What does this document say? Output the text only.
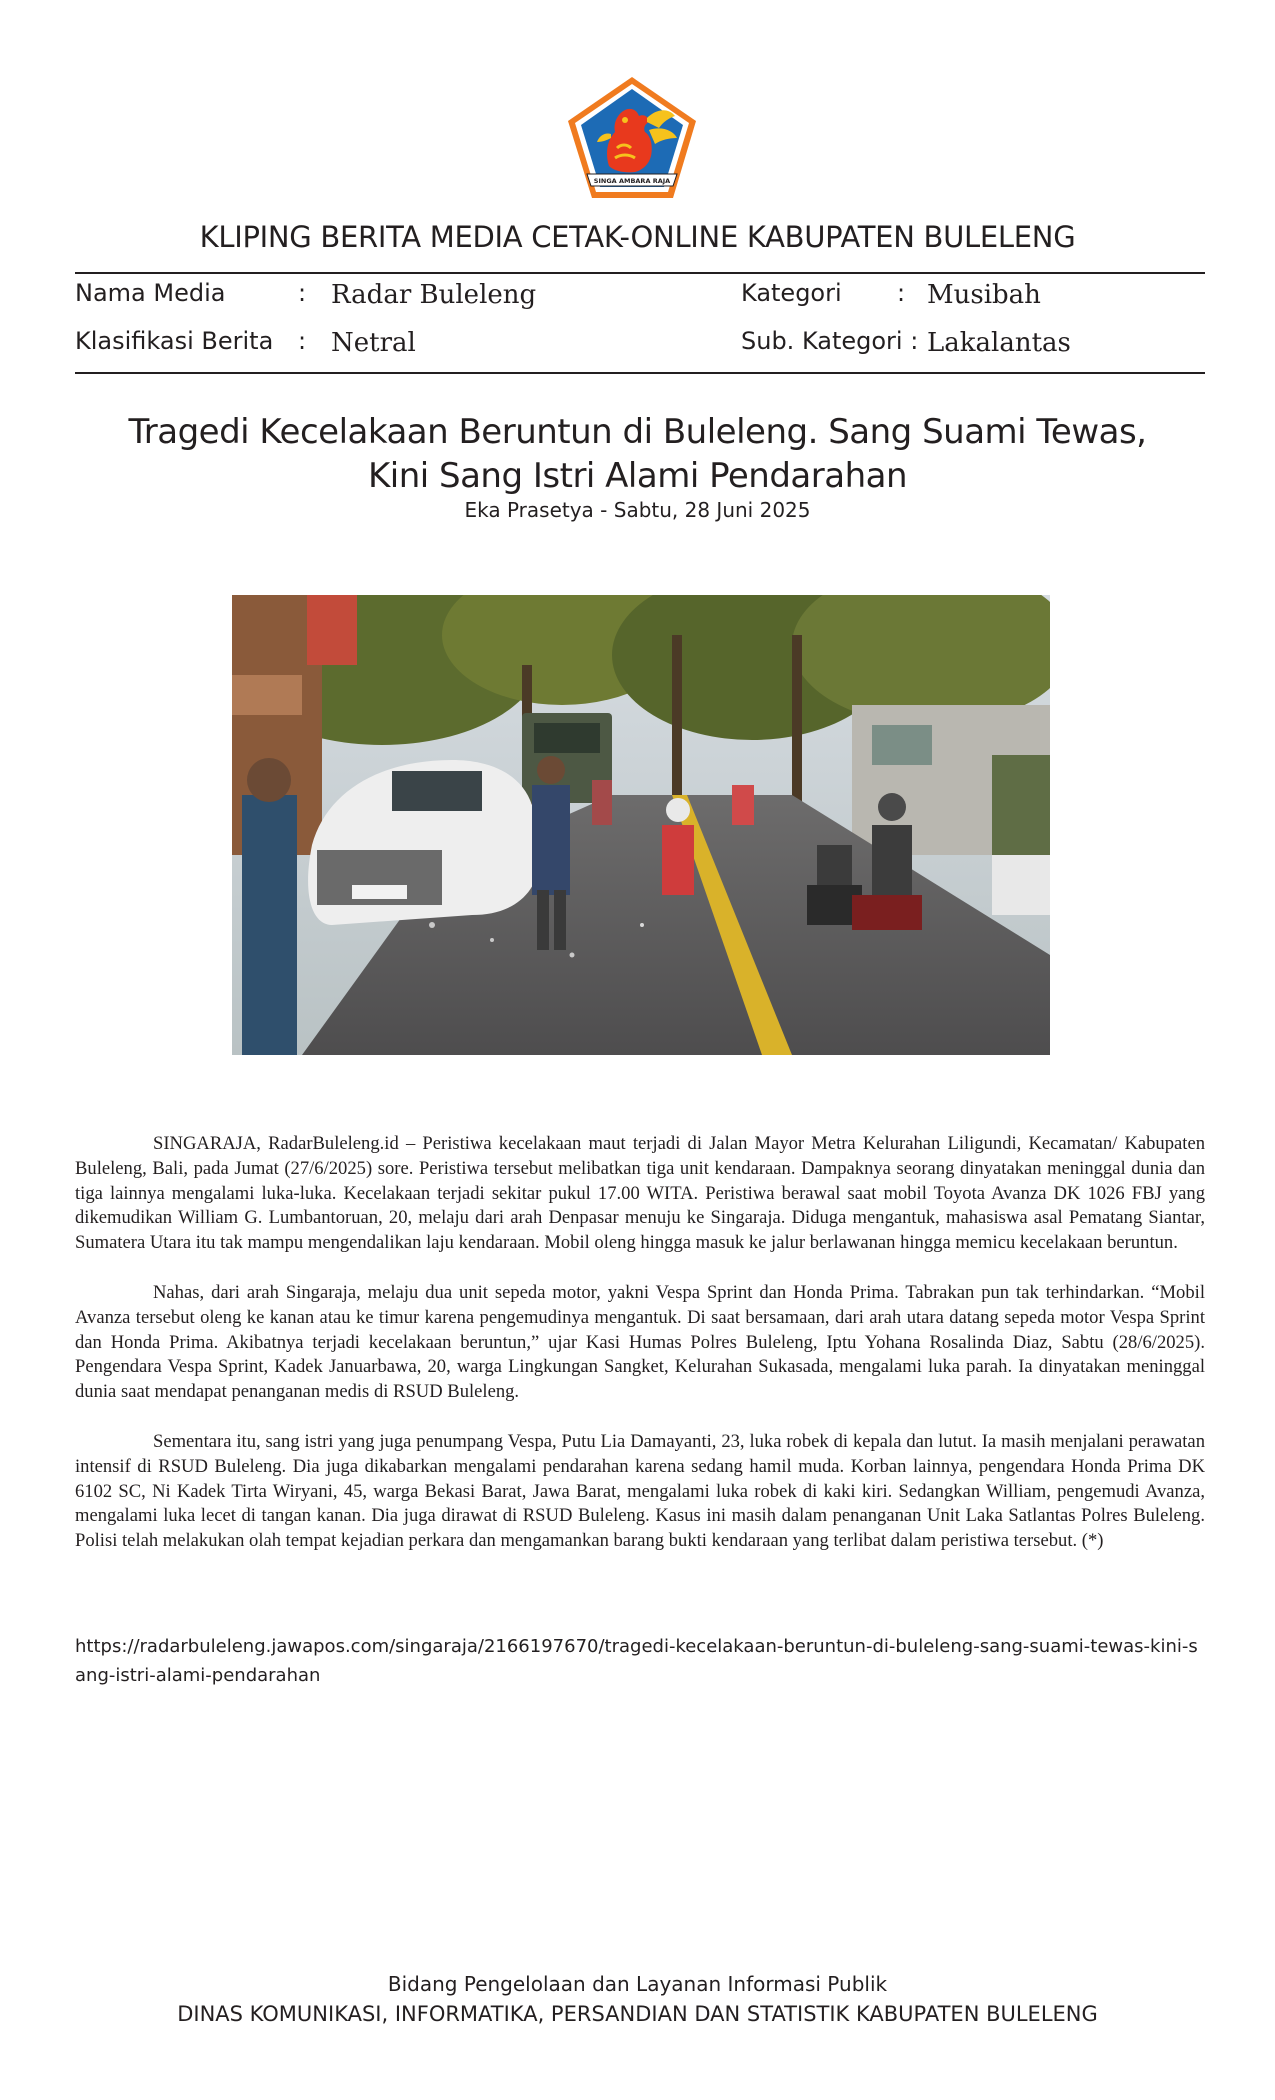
SINGA AMBARA RAJA
KLIPING BERITA MEDIA CETAK-ONLINE KABUPATEN BULELENG
Nama Media	: Radar Buleleng	Kategori : Musibah
Klasifikasi Berita : Netral	Sub. Kategori : Lakalantas
Tragedi Kecelakaan Beruntun di Buleleng. Sang Suami Tewas,
Kini Sang Istri Alami Pendarahan
Eka Prasetya - Sabtu, 28 Juni 2025

SINGARAJA, RadarBuleleng.id – Peristiwa kecelakaan maut terjadi di Jalan Mayor Metra Kelurahan Liligundi, Kecamatan/ Kabupaten Buleleng, Bali, pada Jumat (27/6/2025) sore. Peristiwa tersebut melibatkan tiga unit kendaraan. Dampaknya seorang dinyatakan meninggal dunia dan tiga lainnya mengalami luka-luka. Kecelakaan terjadi sekitar pukul 17.00 WITA. Peristiwa berawal saat mobil Toyota Avanza DK 1026 FBJ yang dikemudikan William G. Lumbantoruan, 20, melaju dari arah Denpasar menuju ke Singaraja. Diduga mengantuk, mahasiswa asal Pematang Siantar, Sumatera Utara itu tak mampu mengendalikan laju kendaraan. Mobil oleng hingga masuk ke jalur berlawanan hingga memicu kecelakaan beruntun.

Nahas, dari arah Singaraja, melaju dua unit sepeda motor, yakni Vespa Sprint dan Honda Prima. Tabrakan pun tak terhindarkan. “Mobil Avanza tersebut oleng ke kanan atau ke timur karena pengemudinya mengantuk. Di saat bersamaan, dari arah utara datang sepeda motor Vespa Sprint dan Honda Prima. Akibatnya terjadi kecelakaan beruntun,” ujar Kasi Humas Polres Buleleng, Iptu Yohana Rosalinda Diaz, Sabtu (28/6/2025). Pengendara Vespa Sprint, Kadek Januarbawa, 20, warga Lingkungan Sangket, Kelurahan Sukasada, mengalami luka parah. Ia dinyatakan meninggal dunia saat mendapat penanganan medis di RSUD Buleleng.

Sementara itu, sang istri yang juga penumpang Vespa, Putu Lia Damayanti, 23, luka robek di kepala dan lutut. Ia masih menjalani perawatan intensif di RSUD Buleleng. Dia juga dikabarkan mengalami pendarahan karena sedang hamil muda. Korban lainnya, pengendara Honda Prima DK 6102 SC, Ni Kadek Tirta Wiryani, 45, warga Bekasi Barat, Jawa Barat, mengalami luka robek di kaki kiri. Sedangkan William, pengemudi Avanza, mengalami luka lecet di tangan kanan. Dia juga dirawat di RSUD Buleleng. Kasus ini masih dalam penanganan Unit Laka Satlantas Polres Buleleng. Polisi telah melakukan olah tempat kejadian perkara dan mengamankan barang bukti kendaraan yang terlibat dalam peristiwa tersebut. (*)

https://radarbuleleng.jawapos.com/singaraja/2166197670/tragedi-kecelakaan-beruntun-di-buleleng-sang-suami-tewas-kini-sang-istri-alami-pendarahan
Bidang Pengelolaan dan Layanan Informasi Publik
DINAS KOMUNIKASI, INFORMATIKA, PERSANDIAN DAN STATISTIK KABUPATEN BULELENG
